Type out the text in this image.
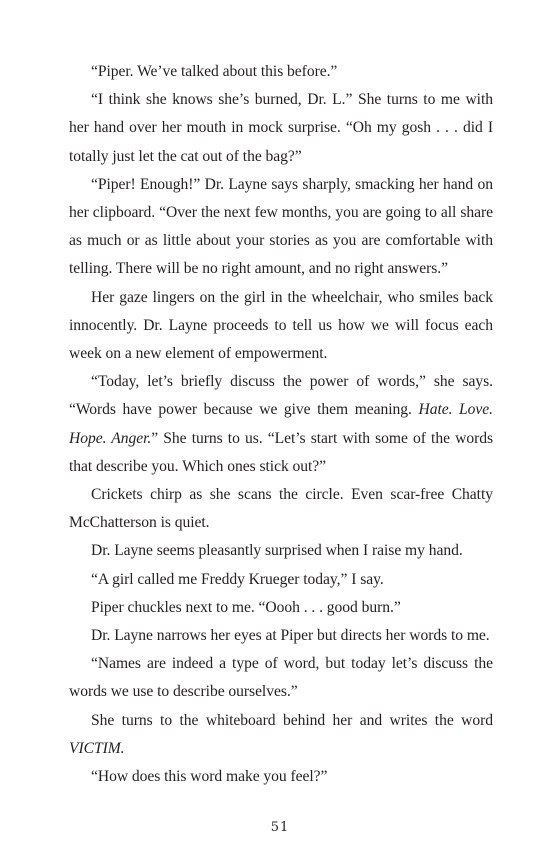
“Piper. We’ve talked about this before.”

“I think she knows she’s burned, Dr. L.” She turns to me with her hand over her mouth in mock surprise. “Oh my gosh . . . did I totally just let the cat out of the bag?”

“Piper! Enough!” Dr. Layne says sharply, smacking her hand on her clipboard. “Over the next few months, you are going to all share as much or as little about your stories as you are comfortable with telling. There will be no right amount, and no right answers.”

Her gaze lingers on the girl in the wheelchair, who smiles back innocently. Dr. Layne proceeds to tell us how we will focus each week on a new element of empowerment.

“Today, let’s briefly discuss the power of words,” she says. “Words have power because we give them meaning. Hate. Love. Hope. Anger.” She turns to us. “Let’s start with some of the words that describe you. Which ones stick out?”

Crickets chirp as she scans the circle. Even scar-free Chatty McChatterson is quiet.

Dr. Layne seems pleasantly surprised when I raise my hand.

“A girl called me Freddy Krueger today,” I say.

Piper chuckles next to me. “Oooh . . . good burn.”

Dr. Layne narrows her eyes at Piper but directs her words to me.

“Names are indeed a type of word, but today let’s discuss the words we use to describe ourselves.”

She turns to the whiteboard behind her and writes the word VICTIM.

“How does this word make you feel?”

51
